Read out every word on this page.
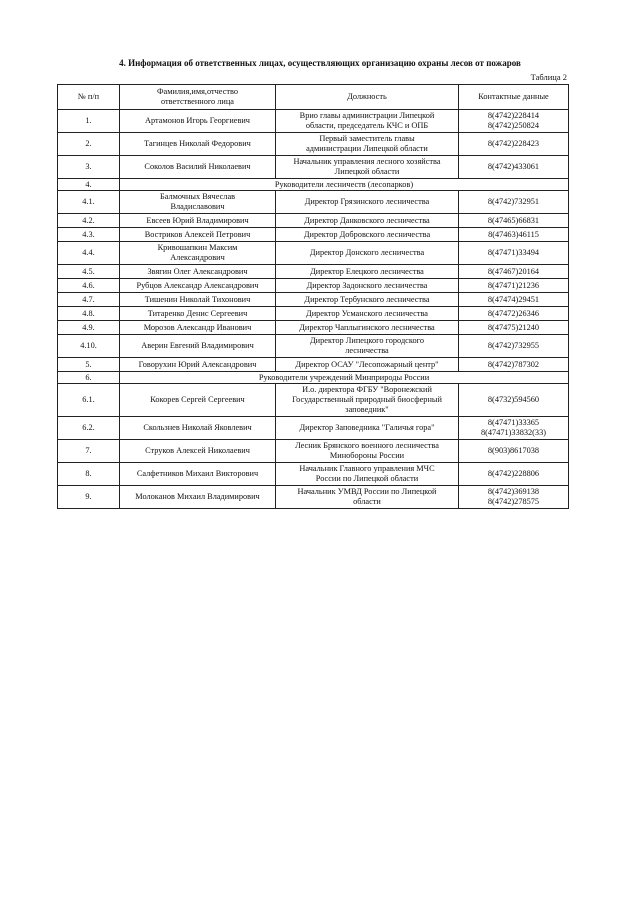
4. Информация об ответственных лицах, осуществляющих организацию охраны лесов от пожаров
Таблица 2
№ п/п	Фамилия,имя,отчество
ответственного лица	Должность	Контактные данные
1.	Артамонов Игорь Георгиевич	Врио главы администрации Липецкой
области, председатель КЧС и ОПБ	8(4742)228414
8(4742)250824

2.	Тагинцев Николай Федорович	Первый заместитель главы
администрации Липецкой области	8(4742)228423

3.	Соколов Василий Николаевич	Начальник управления лесного хозяйства
Липецкой области	8(4742)433061

4.	Руководители лесничеств (лесопарков)		
4.1.	Балмочных Вячеслав
Владиславович	Директор Грязинского лесничества	8(4742)732951

4.2.	Евсеев Юрий Владимирович	Директор Данковского лесничества	8(47465)66831

4.3.	Востриков Алексей Петрович	Директор Добровского лесничества	8(47463)46115

4.4.	Кривошапкин Максим
Александрович	Директор Донского лесничества	8(47471)33494

4.5.	Звягин Олег Александрович	Директор Елецкого лесничества	8(47467)20164

4.6.	Рубцов Александр Александрович	Директор Задонского лесничества	8(47471)21236

4.7.	Тишенин Николай Тихонович	Директор Тербунского лесничества	8(47474)29451

4.8.	Титаренко Денис Сергеевич	Директор Усманского лесничества	8(47472)26346

4.9.	Морозов Александр Иванович	Директор Чаплыгинского лесничества	8(47475)21240

4.10.	Аверин Евгений Владимирович	Директор Липецкого городского
лесничества	8(4742)732955

5.	Говорухин Юрий Александрович	Директор ОСАУ "Лесопожарный центр"	8(4742)787302

6.	Руководители учреждений Минприроды России		
6.1.	Кокорев Сергей Сергеевич	И.о. директора ФГБУ "Воронежский
Государственный природный биосферный
заповедник"	8(4732)594560

6.2.	Скользнев Николай Яковлевич	Директор Заповедника "Галичья гора"	8(47471)33365
8(47471)33832(33)

7.	Струков Алексей Николаевич	Лесник Брянского военного лесничества
Минобороны России	8(903)8617038

8.	Салфетников Михаил Викторович	Начальник Главного управления МЧС
России по Липецкой области	8(4742)228806

9.	Молоканов Михаил Владимирович	Начальник УМВД России по Липецкой
области	8(4742)369138
8(4742)278575
